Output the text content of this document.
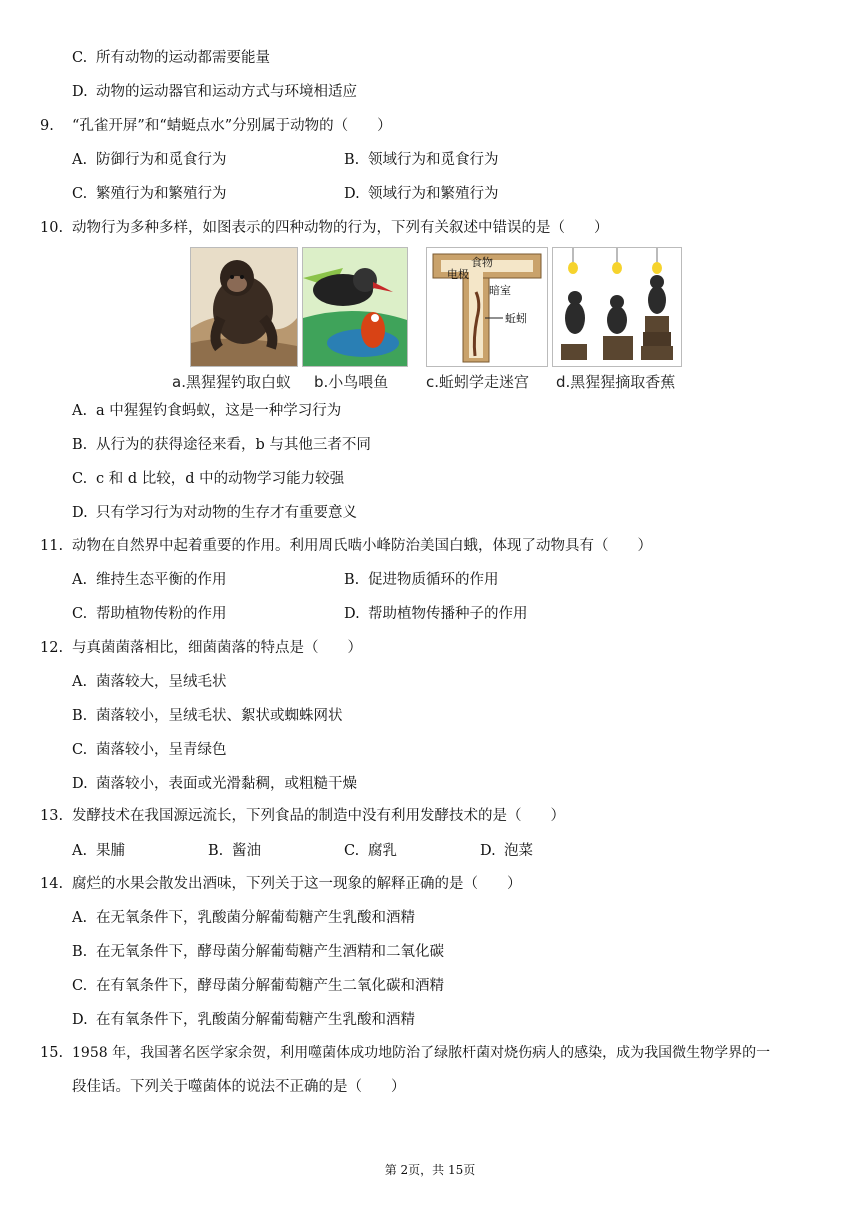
C. 所有动物的运动都需要能量
D. 动物的运动器官和运动方式与环境相适应
9. “孔雀开屏”和“蜻蜓点水”分别属于动物的（　　）
A. 防御行为和觅食行为	B. 领域行为和觅食行为
C. 繁殖行为和繁殖行为	D. 领域行为和繁殖行为
10. 动物行为多种多样，如图表示的四种动物的行为，下列有关叙述中错误的是（　　）
食物
电极
暗室
蚯蚓
a.黑猩猩钓取白蚁 b.小鸟喂鱼	c.蚯蚓学走迷宫 d.黑猩猩摘取香蕉
A. a 中猩猩钓食蚂蚁，这是一种学习行为
B. 从行为的获得途径来看，b 与其他三者不同
C. c 和 d 比较，d 中的动物学习能力较强
D. 只有学习行为对动物的生存才有重要意义
11. 动物在自然界中起着重要的作用。利用周氏啮小峰防治美国白蛾，体现了动物具有（　　）
A. 维持生态平衡的作用	B. 促进物质循环的作用
C. 帮助植物传粉的作用	D. 帮助植物传播种子的作用
12. 与真菌菌落相比，细菌菌落的特点是（　　）
A. 菌落较大，呈绒毛状
B. 菌落较小，呈绒毛状、絮状或蜘蛛网状
C. 菌落较小，呈青绿色
D. 菌落较小，表面或光滑黏稠，或粗糙干燥
13. 发酵技术在我国源远流长，下列食品的制造中没有利用发酵技术的是（　　）
A. 果脯	B. 酱油	C. 腐乳	D. 泡菜
14. 腐烂的水果会散发出酒味，下列关于这一现象的解释正确的是（　　）
A. 在无氧条件下，乳酸菌分解葡萄糖产生乳酸和酒精
B. 在无氧条件下，酵母菌分解葡萄糖产生酒精和二氧化碳
C. 在有氧条件下，酵母菌分解葡萄糖产生二氧化碳和酒精
D. 在有氧条件下，乳酸菌分解葡萄糖产生乳酸和酒精
15. 1958 年，我国著名医学家余贺，利用噬菌体成功地防治了绿脓杆菌对烧伤病人的感染，成为我国微生物学界的一
段佳话。下列关于噬菌体的说法不正确的是（　　）
第 2页，共 15页
